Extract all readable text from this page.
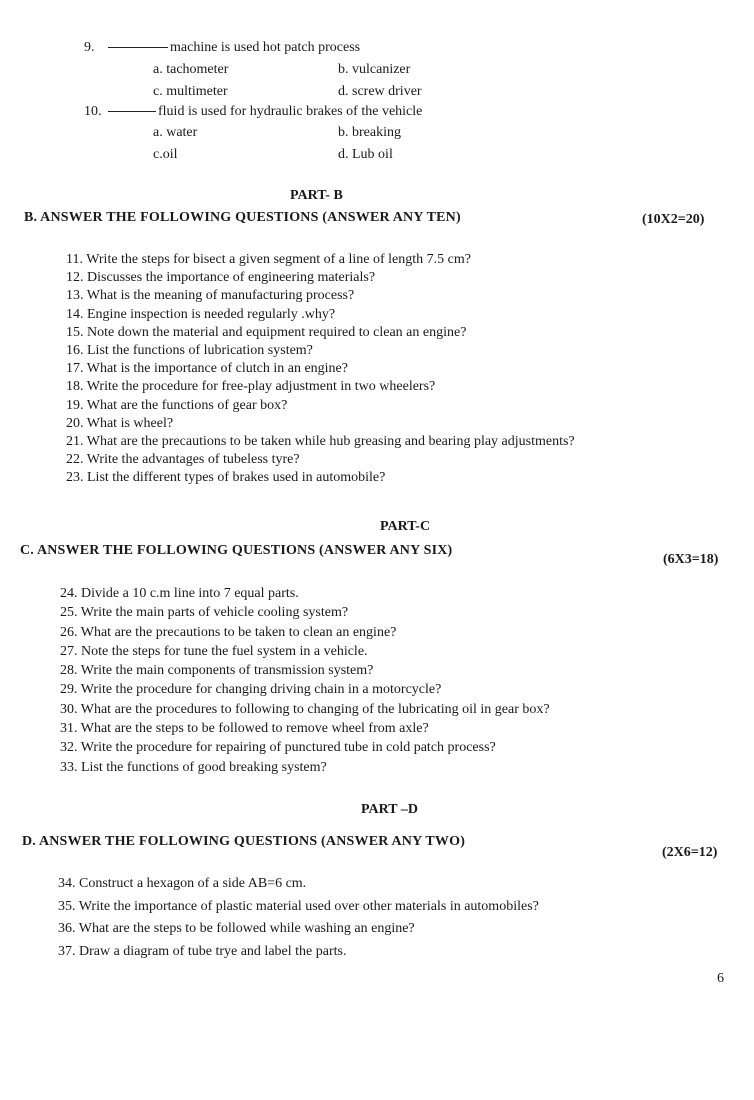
9.	machine is used hot patch process
a. tachometer	b. vulcanizer
c. multimeter	d. screw driver
10.	fluid is used for hydraulic brakes of the vehicle
a. water	b. breaking
c.oil	d. Lub oil
PART- B
B. ANSWER THE FOLLOWING QUESTIONS (ANSWER ANY TEN)	(10X2=20)
11. Write the steps for bisect a given segment of a line of length 7.5 cm?
12. Discusses the importance of engineering materials?
13. What is the meaning of manufacturing process?
14. Engine inspection is needed regularly .why?
15. Note down the material and equipment required to clean an engine?
16. List the functions of lubrication system?
17. What is the importance of clutch in an engine?
18. Write the procedure for free-play adjustment in two wheelers?
19. What are the functions of gear box?
20. What is wheel?
21. What are the precautions to be taken while hub greasing and bearing play adjustments?
22. Write the advantages of tubeless tyre?
23. List the different types of brakes used in automobile?
PART-C
C. ANSWER THE FOLLOWING QUESTIONS (ANSWER ANY SIX)
(6X3=18)
24. Divide a 10 c.m line into 7 equal parts.
25. Write the main parts of vehicle cooling system?
26. What are the precautions to be taken to clean an engine?
27. Note the steps for tune the fuel system in a vehicle.
28. Write the main components of transmission system?
29. Write the procedure for changing driving chain in a motorcycle?
30. What are the procedures to following to changing of the lubricating oil in gear box?
31. What are the steps to be followed to remove wheel from axle?
32. Write the procedure for repairing of punctured tube in cold patch process?
33. List the functions of good breaking system?
PART –D
D. ANSWER THE FOLLOWING QUESTIONS (ANSWER ANY TWO)
(2X6=12)
34. Construct a hexagon of a side AB=6 cm.
35. Write the importance of plastic material used over other materials in automobiles?
36. What are the steps to be followed while washing an engine?
37. Draw a diagram of tube trye and label the parts.
6
